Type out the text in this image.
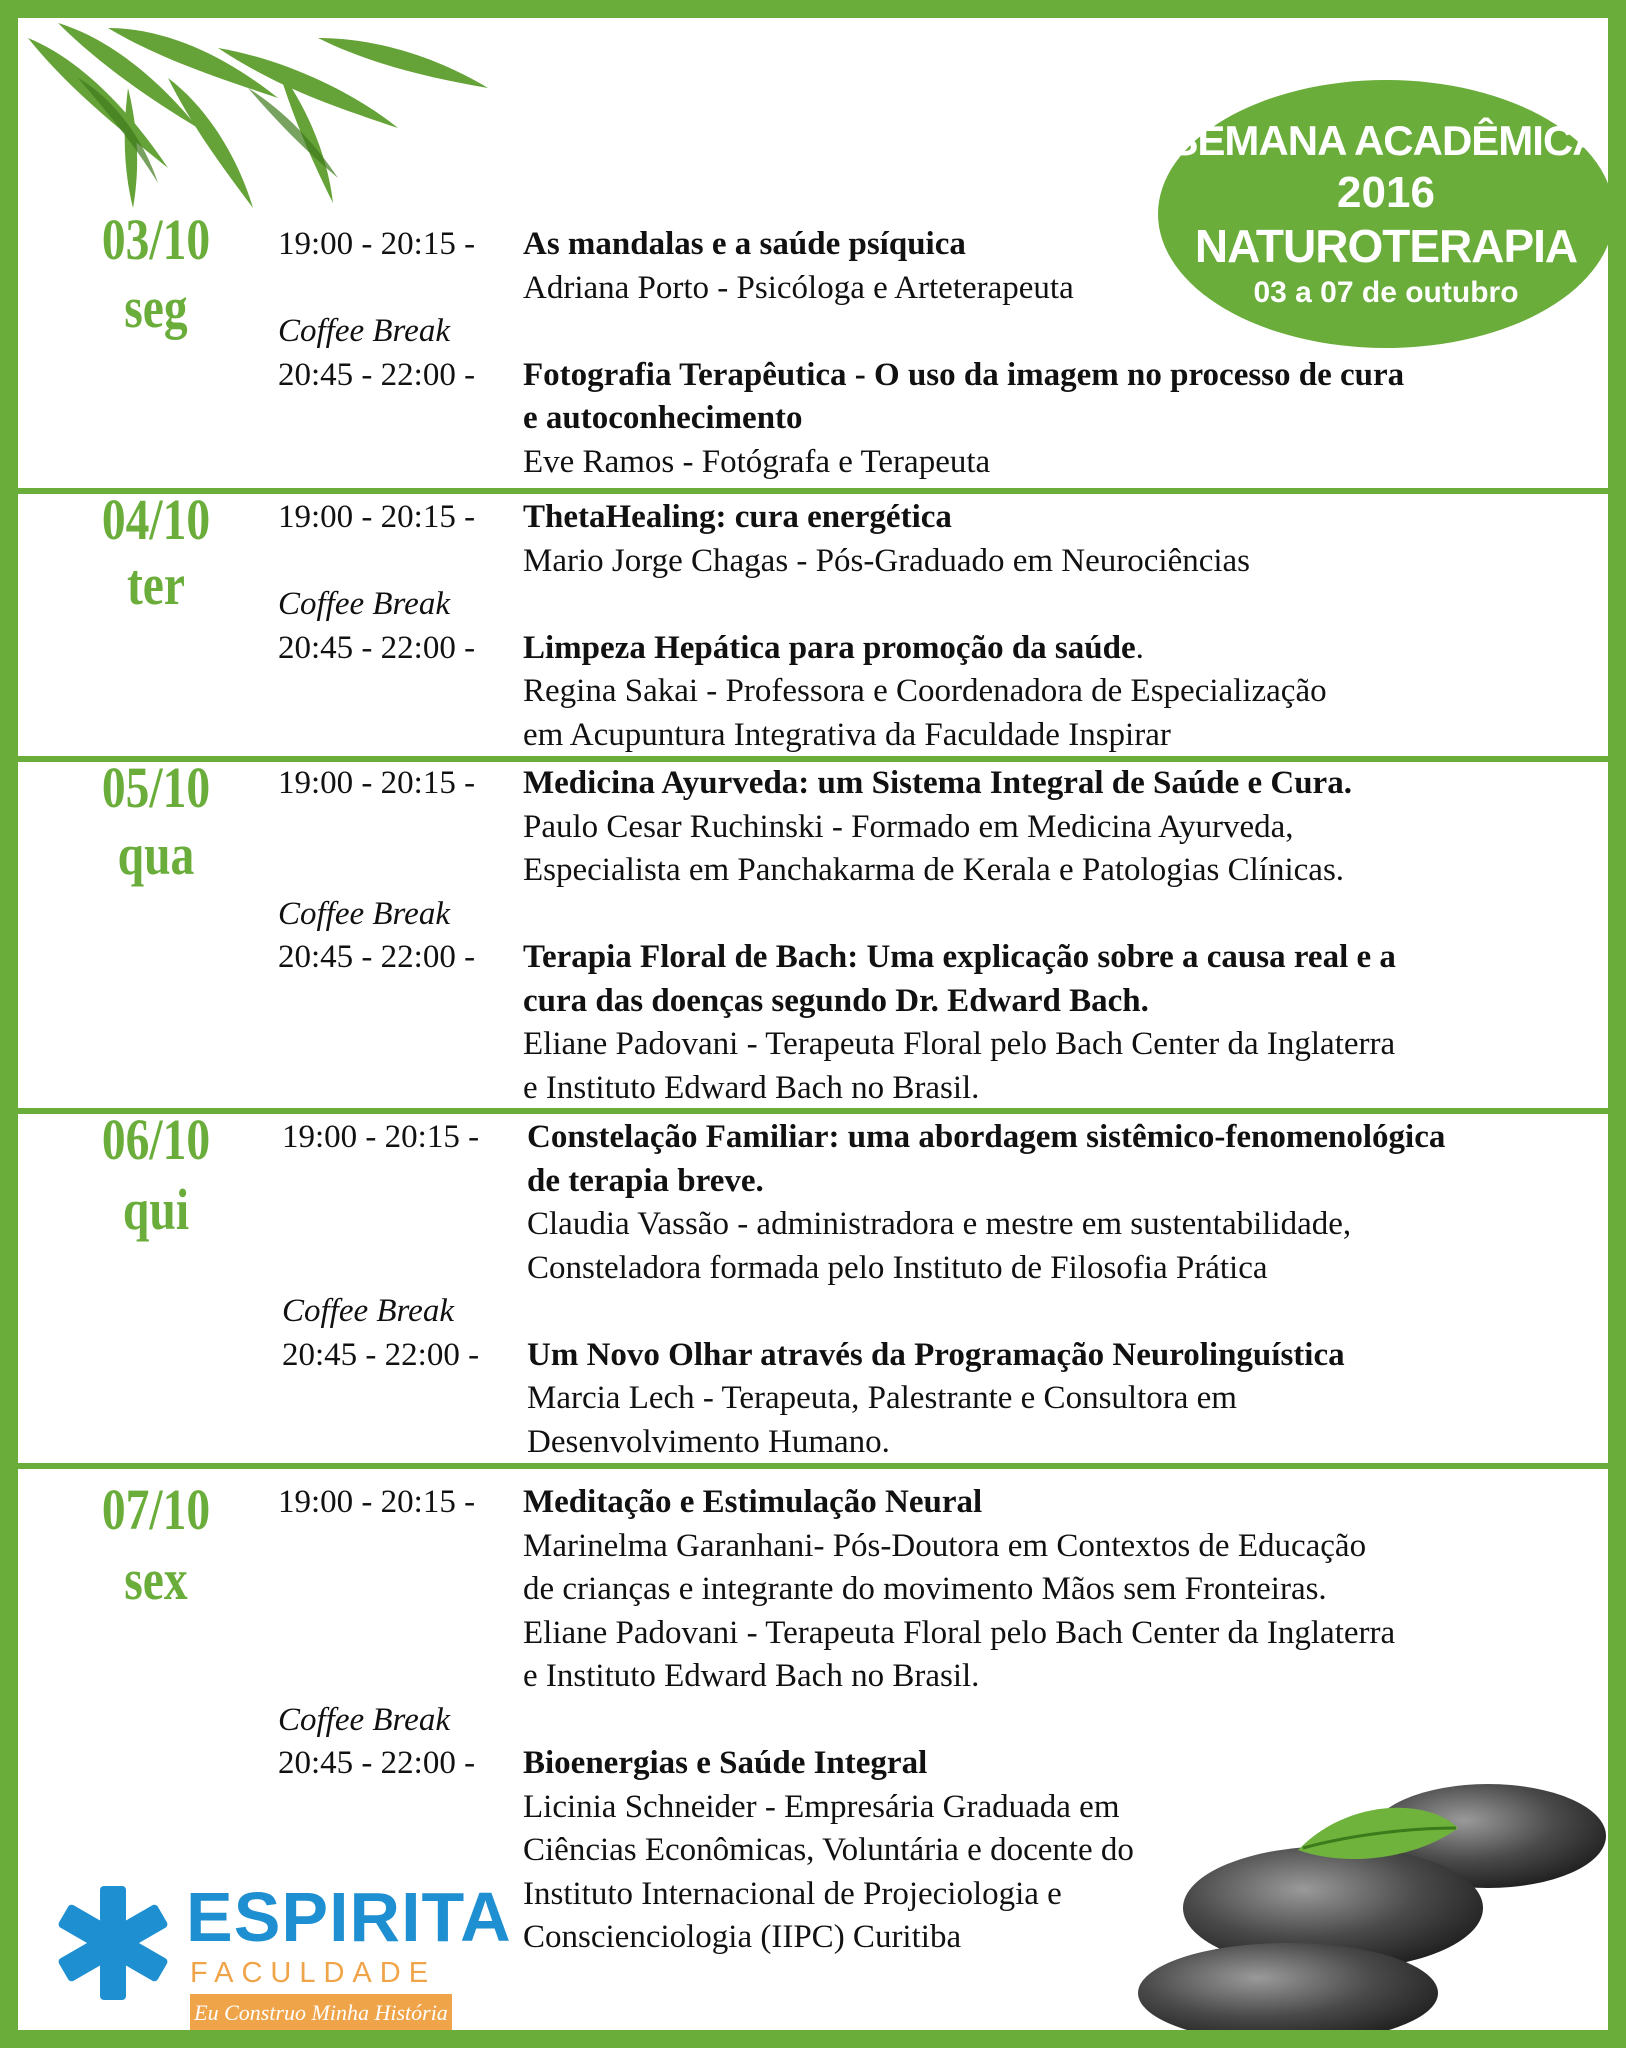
SEMANA ACADÊMICA
2016
NATUROTERAPIA
03 a 07 de outubro
03/10
seg
19:00 - 20:15 - As mandalas e a saúde psíquica
Adriana Porto - Psicóloga e Arteterapeuta
Coffee Break
20:45 - 22:00 - Fotografia Terapêutica - O uso da imagem no processo de cura
e autoconhecimento
Eve Ramos - Fotógrafa e Terapeuta
04/10
ter
19:00 - 20:15 - ThetaHealing: cura energética
Mario Jorge Chagas - Pós-Graduado em Neurociências
Coffee Break
20:45 - 22:00 - Limpeza Hepática para promoção da saúde.
Regina Sakai - Professora e Coordenadora de Especialização
em Acupuntura Integrativa da Faculdade Inspirar
05/10
qua
19:00 - 20:15 - Medicina Ayurveda: um Sistema Integral de Saúde e Cura.
Paulo Cesar Ruchinski - Formado em Medicina Ayurveda,
Especialista em Panchakarma de Kerala e Patologias Clínicas.
Coffee Break
20:45 - 22:00 - Terapia Floral de Bach: Uma explicação sobre a causa real e a
cura das doenças segundo Dr. Edward Bach.
Eliane Padovani - Terapeuta Floral pelo Bach Center da Inglaterra
e Instituto Edward Bach no Brasil.
06/10
qui
19:00 - 20:15 - Constelação Familiar: uma abordagem sistêmico-fenomenológica
de terapia breve.
Claudia Vassão - administradora e mestre em sustentabilidade,
Consteladora formada pelo Instituto de Filosofia Prática
Coffee Break
20:45 - 22:00 - Um Novo Olhar através da Programação Neurolinguística
Marcia Lech - Terapeuta, Palestrante e Consultora em
Desenvolvimento Humano.
07/10
sex
19:00 - 20:15 - Meditação e Estimulação Neural
Marinelma Garanhani- Pós-Doutora em Contextos de Educação
de crianças e integrante do movimento Mãos sem Fronteiras.
Eliane Padovani - Terapeuta Floral pelo Bach Center da Inglaterra
e Instituto Edward Bach no Brasil.
Coffee Break
20:45 - 22:00 - Bioenergias e Saúde Integral
Licinia Schneider - Empresária Graduada em
Ciências Econômicas, Voluntária e docente do
Instituto Internacional de Projeciologia e
Conscienciologia (IIPC) Curitiba
ESPIRITA
FACULDADE
Eu Construo Minha História
